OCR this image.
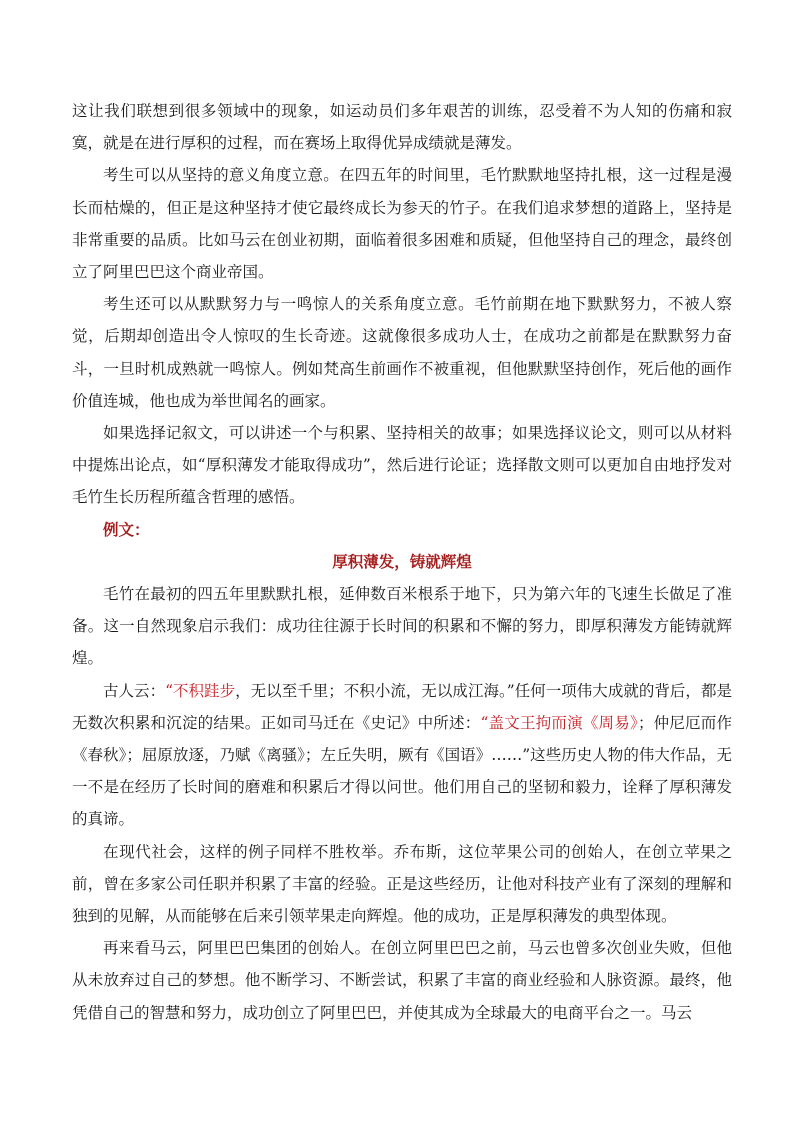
这让我们联想到很多领域中的现象，如运动员们多年艰苦的训练，忍受着不为人知的伤痛和寂寞，就是在进行厚积的过程，而在赛场上取得优异成绩就是薄发。

考生可以从坚持的意义角度立意。在四五年的时间里，毛竹默默地坚持扎根，这一过程是漫长而枯燥的，但正是这种坚持才使它最终成长为参天的竹子。在我们追求梦想的道路上，坚持是非常重要的品质。比如马云在创业初期，面临着很多困难和质疑，但他坚持自己的理念，最终创立了阿里巴巴这个商业帝国。

考生还可以从默默努力与一鸣惊人的关系角度立意。毛竹前期在地下默默努力，不被人察觉，后期却创造出令人惊叹的生长奇迹。这就像很多成功人士，在成功之前都是在默默努力奋斗，一旦时机成熟就一鸣惊人。例如梵高生前画作不被重视，但他默默坚持创作，死后他的画作价值连城，他也成为举世闻名的画家。

如果选择记叙文，可以讲述一个与积累、坚持相关的故事；如果选择议论文，则可以从材料中提炼出论点，如“厚积薄发才能取得成功”，然后进行论证；选择散文则可以更加自由地抒发对毛竹生长历程所蕴含哲理的感悟。

例文：
厚积薄发，铸就辉煌

毛竹在最初的四五年里默默扎根，延伸数百米根系于地下，只为第六年的飞速生长做足了准备。这一自然现象启示我们：成功往往源于长时间的积累和不懈的努力，即厚积薄发方能铸就辉煌。

古人云：“不积跬步，无以至千里；不积小流，无以成江海。”任何一项伟大成就的背后，都是无数次积累和沉淀的结果。正如司马迁在《史记》中所述：“盖文王拘而演《周易》；仲尼厄而作《春秋》；屈原放逐，乃赋《离骚》；左丘失明，厥有《国语》……”这些历史人物的伟大作品，无一不是在经历了长时间的磨难和积累后才得以问世。他们用自己的坚韧和毅力，诠释了厚积薄发的真谛。

在现代社会，这样的例子同样不胜枚举。乔布斯，这位苹果公司的创始人，在创立苹果之前，曾在多家公司任职并积累了丰富的经验。正是这些经历，让他对科技产业有了深刻的理解和独到的见解，从而能够在后来引领苹果走向辉煌。他的成功，正是厚积薄发的典型体现。

再来看马云，阿里巴巴集团的创始人。在创立阿里巴巴之前，马云也曾多次创业失败，但他从未放弃过自己的梦想。他不断学习、不断尝试，积累了丰富的商业经验和人脉资源。最终，他凭借自己的智慧和努力，成功创立了阿里巴巴，并使其成为全球最大的电商平台之一。马云
